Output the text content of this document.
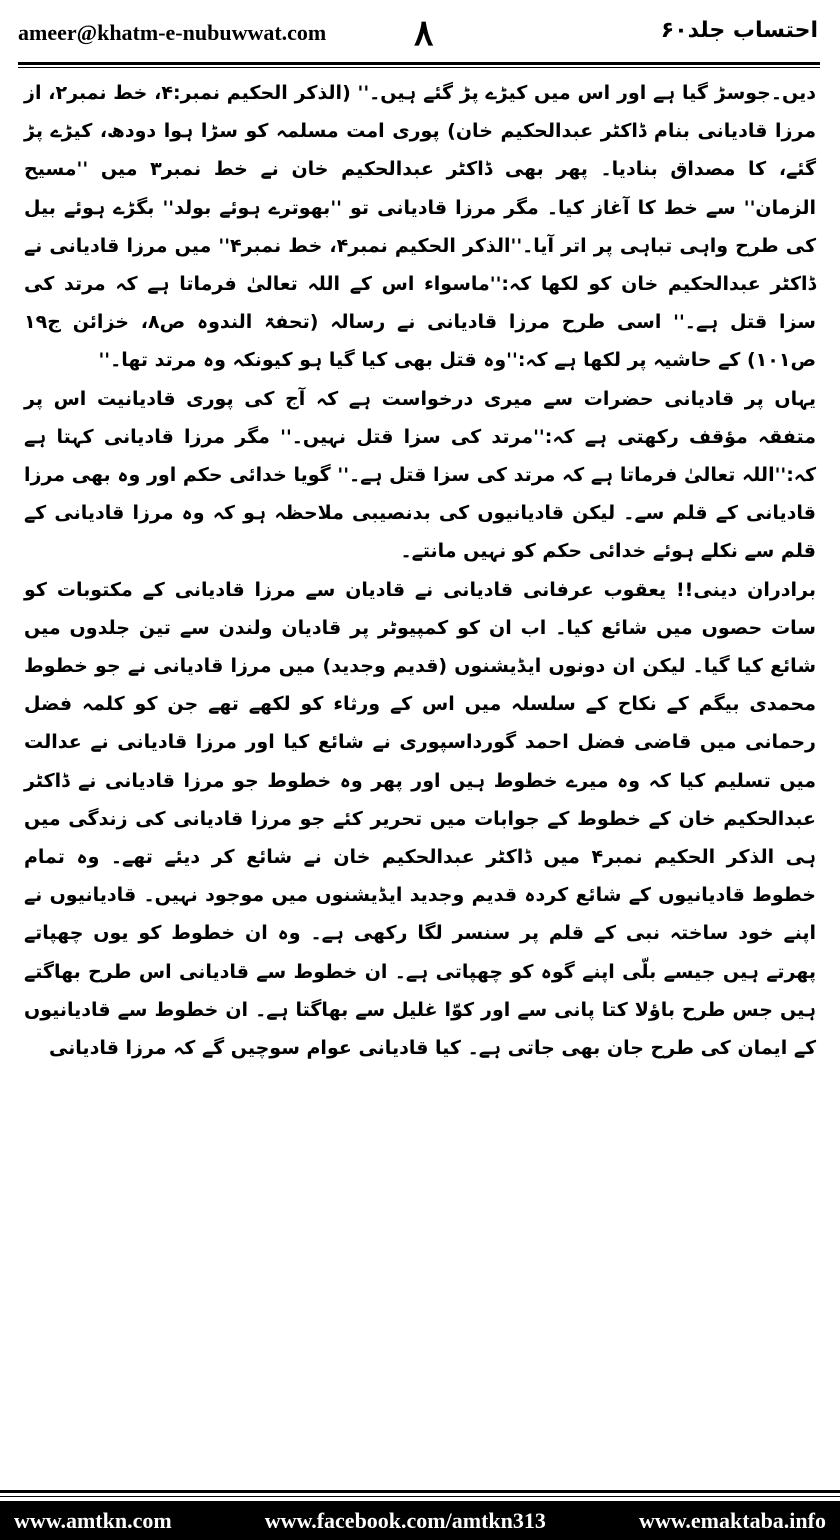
ameer@khatm-e-nubuwwat.com ۸	احتساب جلد۶۰

دیں۔جوسڑ گیا ہے اور اس میں کیڑے پڑ گئے ہیں۔'' (الذکر الحکیم نمبر:۴، خط نمبر۲، از مرزا قادیانی بنام ڈاکٹر عبدالحکیم خان) پوری امت مسلمہ کو سڑا ہوا دودھ، کیڑے پڑ گئے، کا مصداق بنادیا۔ پھر بھی ڈاکٹر عبدالحکیم خان نے خط نمبر۳ میں ''مسیح الزمان'' سے خط کا آغاز کیا۔ مگر مرزا قادیانی تو ''بھوترے ہوئے بولد'' بگڑے ہوئے بیل کی طرح واہی تباہی پر اتر آیا۔''الذکر الحکیم نمبر۴، خط نمبر۴'' میں مرزا قادیانی نے ڈاکٹر عبدالحکیم خان کو لکھا کہ:''ماسواء اس کے اللہ تعالیٰ فرماتا ہے کہ مرتد کی سزا قتل ہے۔'' اسی طرح مرزا قادیانی نے رسالہ (تحفۃ الندوہ ص۸، خزائن ج۱۹ ص۱۰۱) کے حاشیہ پر لکھا ہے کہ:''وہ قتل بھی کیا گیا ہو کیونکہ وہ مرتد تھا۔''

یہاں پر قادیانی حضرات سے میری درخواست ہے کہ آج کی پوری قادیانیت اس پر متفقہ مؤقف رکھتی ہے کہ:''مرتد کی سزا قتل نہیں۔'' مگر مرزا قادیانی کہتا ہے کہ:''اللہ تعالیٰ فرماتا ہے کہ مرتد کی سزا قتل ہے۔'' گویا خدائی حکم اور وہ بھی مرزا قادیانی کے قلم سے۔ لیکن قادیانیوں کی بدنصیبی ملاحظہ ہو کہ وہ مرزا قادیانی کے قلم سے نکلے ہوئے خدائی حکم کو نہیں مانتے۔

برادران دینی!! یعقوب عرفانی قادیانی نے قادیان سے مرزا قادیانی کے مکتوبات کو سات حصوں میں شائع کیا۔ اب ان کو کمپیوٹر پر قادیان ولندن سے تین جلدوں میں شائع کیا گیا۔ لیکن ان دونوں ایڈیشنوں (قدیم وجدید) میں مرزا قادیانی نے جو خطوط محمدی بیگم کے نکاح کے سلسلہ میں اس کے ورثاء کو لکھے تھے جن کو کلمہ فضل رحمانی میں قاضی فضل احمد گورداسپوری نے شائع کیا اور مرزا قادیانی نے عدالت میں تسلیم کیا کہ وہ میرے خطوط ہیں اور پھر وہ خطوط جو مرزا قادیانی نے ڈاکٹر عبدالحکیم خان کے خطوط کے جوابات میں تحریر کئے جو مرزا قادیانی کی زندگی میں ہی الذکر الحکیم نمبر۴ میں ڈاکٹر عبدالحکیم خان نے شائع کر دیئے تھے۔ وہ تمام خطوط قادیانیوں کے شائع کردہ قدیم وجدید ایڈیشنوں میں موجود نہیں۔ قادیانیوں نے اپنے خود ساختہ نبی کے قلم پر سنسر لگا رکھی ہے۔ وہ ان خطوط کو یوں چھپاتے پھرتے ہیں جیسے بلّی اپنے گوہ کو چھپاتی ہے۔ ان خطوط سے قادیانی اس طرح بھاگتے ہیں جس طرح باؤلا کتا پانی سے اور کوّا غلیل سے بھاگتا ہے۔ ان خطوط سے قادیانیوں کے ایمان کی طرح جان بھی جاتی ہے۔ کیا قادیانی عوام سوچیں گے کہ مرزا قادیانی

www.amtkn.com	www.facebook.com/amtkn313	www.emaktaba.info
